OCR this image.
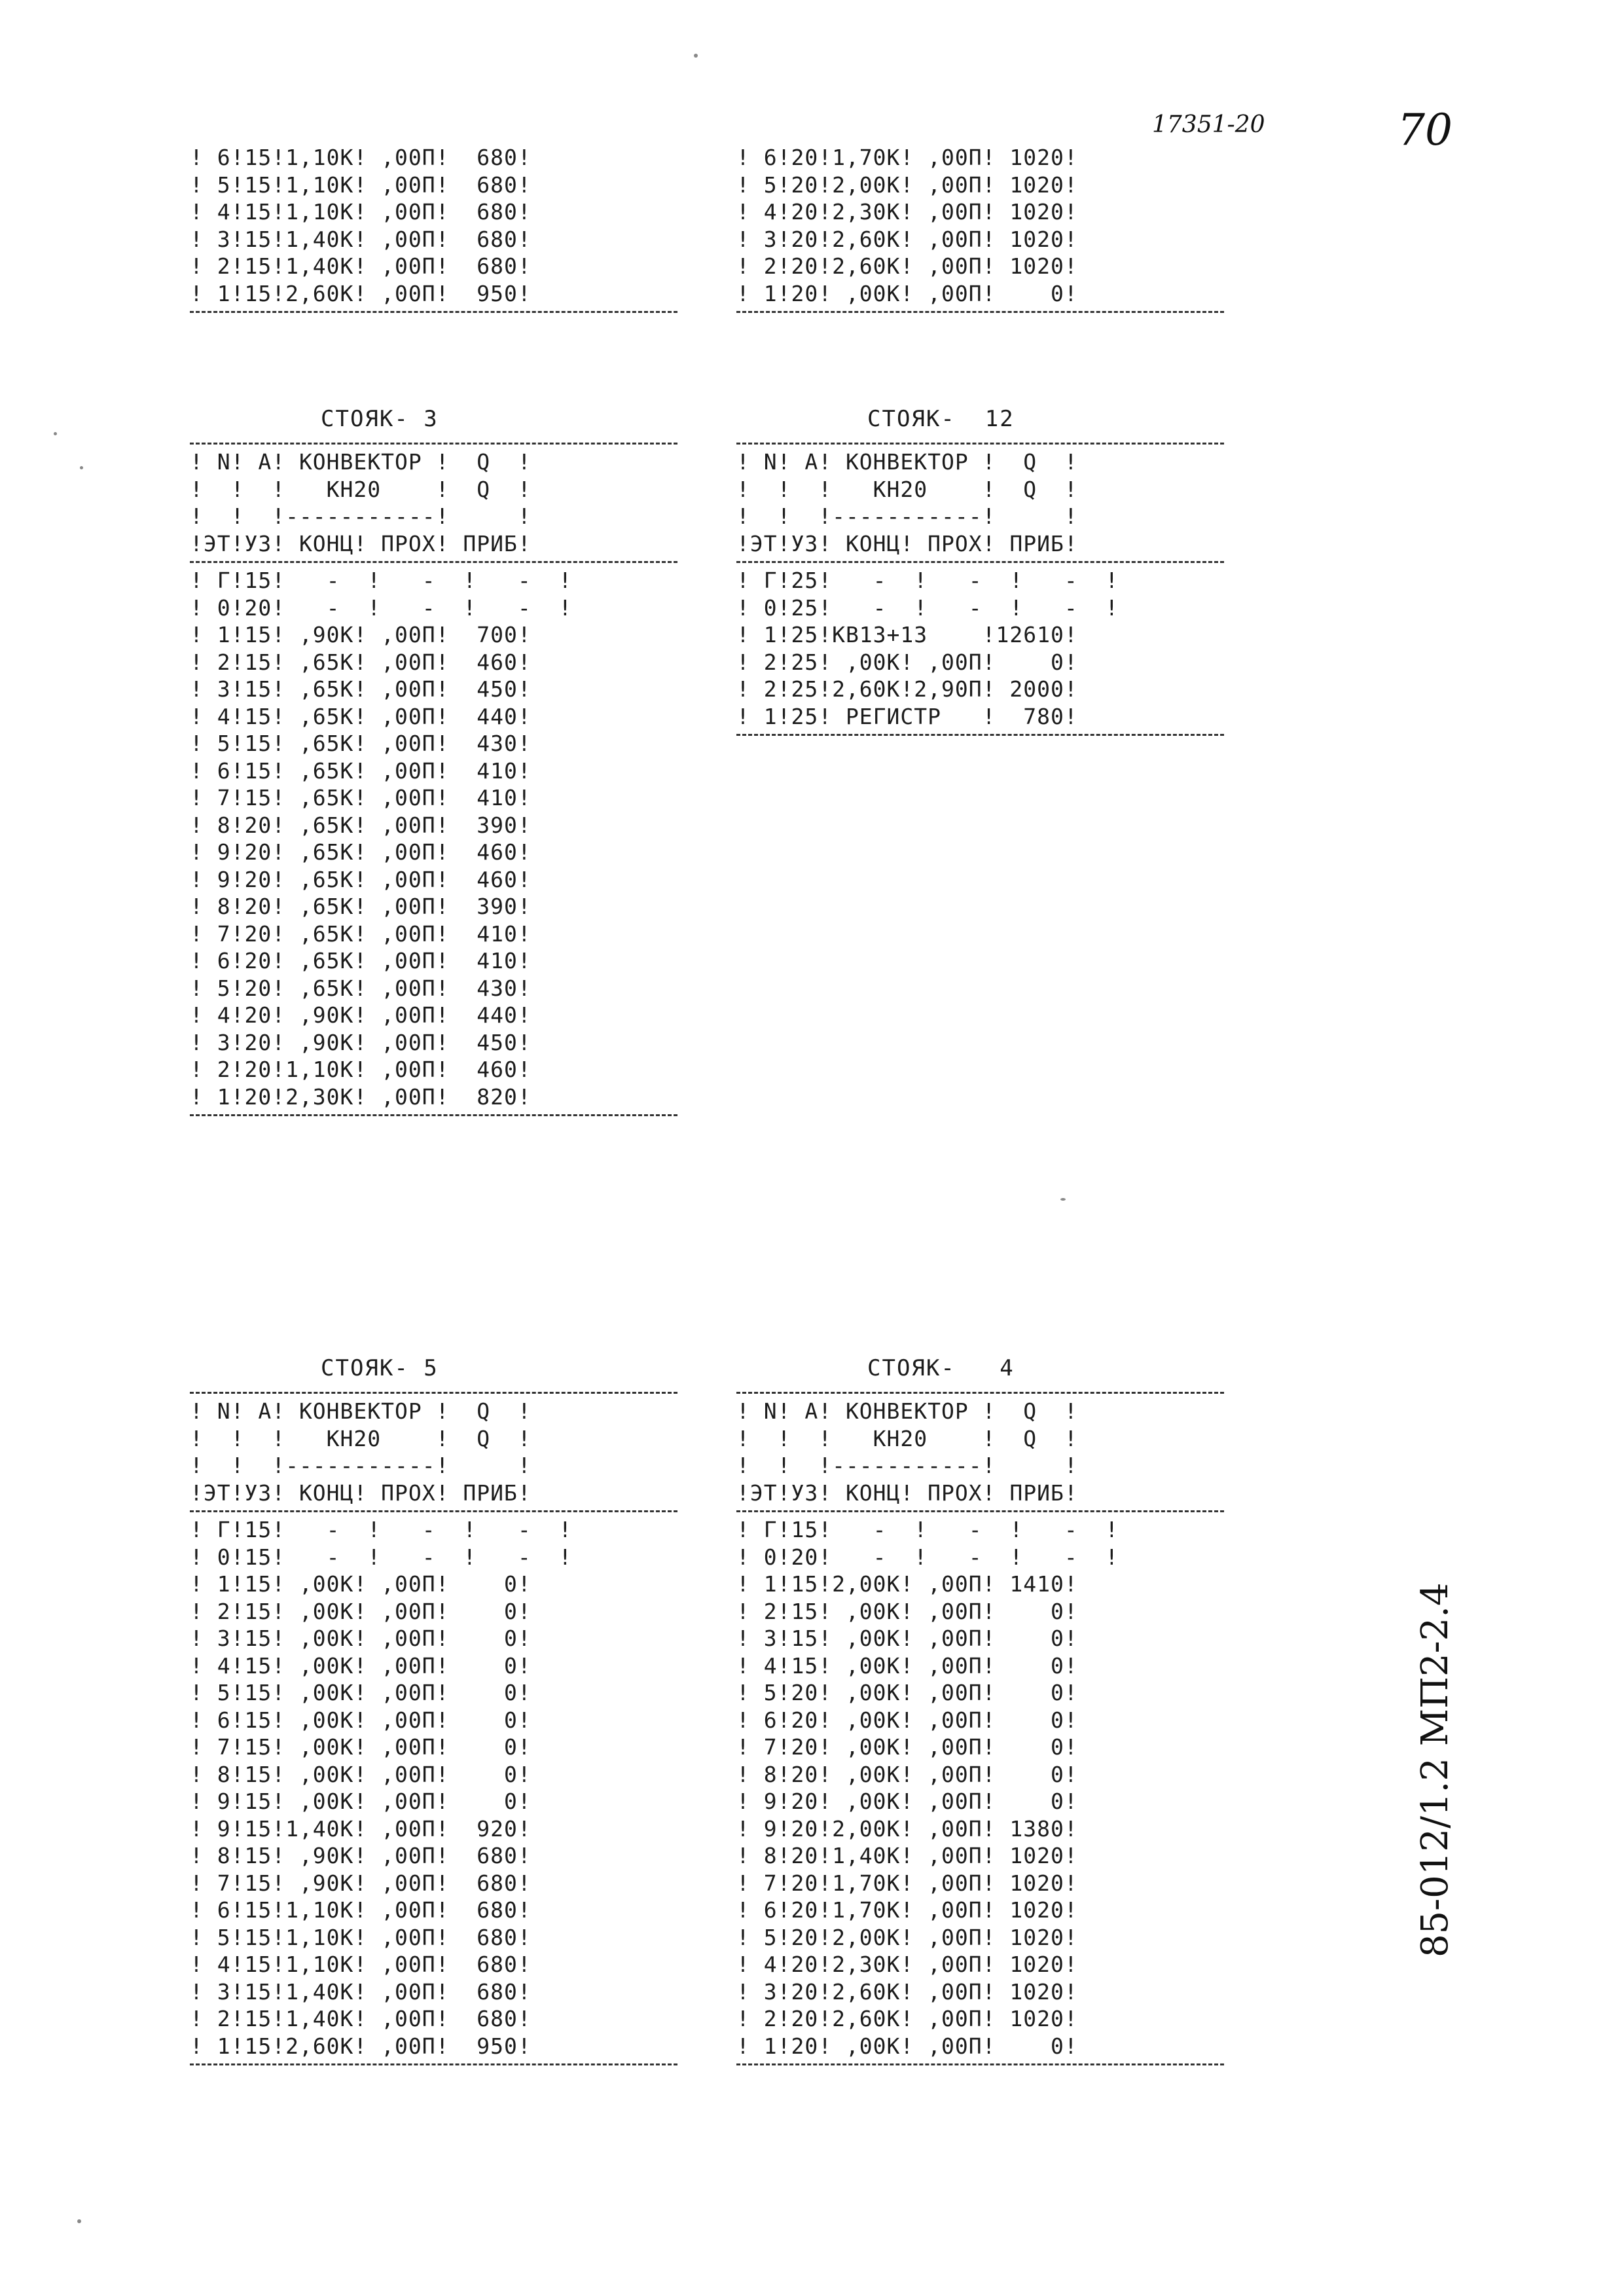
17351-20	70
85-012/1.2 МП2-2.4
! 6!15!1,10К! ,00П!  680!
! 5!15!1,10К! ,00П!  680!
! 4!15!1,10К! ,00П!  680!
! 3!15!1,40К! ,00П!  680!
! 2!15!1,40К! ,00П!  680!
! 1!15!2,60К! ,00П!  950!
! 6!20!1,70К! ,00П! 1020!
! 5!20!2,00К! ,00П! 1020!
! 4!20!2,30К! ,00П! 1020!
! 3!20!2,60К! ,00П! 1020!
! 2!20!2,60К! ,00П! 1020!
! 1!20! ,00К! ,00П!    0!
СТОЯК- 3
! N! А! КОНВЕКТОР !  Q  !
!  !  !   КН20    !  Q  !
!  !  !-----------!     !
!ЭТ!УЗ! КОНЦ! ПРОХ! ПРИБ!
! Г!15!   -  !   -  !   -  !
! 0!20!   -  !   -  !   -  !
! 1!15! ,90К! ,00П!  700!
! 2!15! ,65К! ,00П!  460!
! 3!15! ,65К! ,00П!  450!
! 4!15! ,65К! ,00П!  440!
! 5!15! ,65К! ,00П!  430!
! 6!15! ,65К! ,00П!  410!
! 7!15! ,65К! ,00П!  410!
! 8!20! ,65К! ,00П!  390!
! 9!20! ,65К! ,00П!  460!
! 9!20! ,65К! ,00П!  460!
! 8!20! ,65К! ,00П!  390!
! 7!20! ,65К! ,00П!  410!
! 6!20! ,65К! ,00П!  410!
! 5!20! ,65К! ,00П!  430!
! 4!20! ,90К! ,00П!  440!
! 3!20! ,90К! ,00П!  450!
! 2!20!1,10К! ,00П!  460!
! 1!20!2,30К! ,00П!  820!
СТОЯК-  12
! N! А! КОНВЕКТОР !  Q  !
!  !  !   КН20    !  Q  !
!  !  !-----------!     !
!ЭТ!УЗ! КОНЦ! ПРОХ! ПРИБ!
! Г!25!   -  !   -  !   -  !
! 0!25!   -  !   -  !   -  !
! 1!25!КВ13+13    !12610!
! 2!25! ,00К! ,00П!    0!
! 2!25!2,60К!2,90П! 2000!
! 1!25! РЕГИСТР   !  780!
СТОЯК- 5
! N! А! КОНВЕКТОР !  Q  !
!  !  !   КН20    !  Q  !
!  !  !-----------!     !
!ЭТ!УЗ! КОНЦ! ПРОХ! ПРИБ!
! Г!15!   -  !   -  !   -  !
! 0!15!   -  !   -  !   -  !
! 1!15! ,00К! ,00П!    0!
! 2!15! ,00К! ,00П!    0!
! 3!15! ,00К! ,00П!    0!
! 4!15! ,00К! ,00П!    0!
! 5!15! ,00К! ,00П!    0!
! 6!15! ,00К! ,00П!    0!
! 7!15! ,00К! ,00П!    0!
! 8!15! ,00К! ,00П!    0!
! 9!15! ,00К! ,00П!    0!
! 9!15!1,40К! ,00П!  920!
! 8!15! ,90К! ,00П!  680!
! 7!15! ,90К! ,00П!  680!
! 6!15!1,10К! ,00П!  680!
! 5!15!1,10К! ,00П!  680!
! 4!15!1,10К! ,00П!  680!
! 3!15!1,40К! ,00П!  680!
! 2!15!1,40К! ,00П!  680!
! 1!15!2,60К! ,00П!  950!
СТОЯК-   4
! N! А! КОНВЕКТОР !  Q  !
!  !  !   КН20    !  Q  !
!  !  !-----------!     !
!ЭТ!УЗ! КОНЦ! ПРОХ! ПРИБ!
! Г!15!   -  !   -  !   -  !
! 0!20!   -  !   -  !   -  !
! 1!15!2,00К! ,00П! 1410!
! 2!15! ,00К! ,00П!    0!
! 3!15! ,00К! ,00П!    0!
! 4!15! ,00К! ,00П!    0!
! 5!20! ,00К! ,00П!    0!
! 6!20! ,00К! ,00П!    0!
! 7!20! ,00К! ,00П!    0!
! 8!20! ,00К! ,00П!    0!
! 9!20! ,00К! ,00П!    0!
! 9!20!2,00К! ,00П! 1380!
! 8!20!1,40К! ,00П! 1020!
! 7!20!1,70К! ,00П! 1020!
! 6!20!1,70К! ,00П! 1020!
! 5!20!2,00К! ,00П! 1020!
! 4!20!2,30К! ,00П! 1020!
! 3!20!2,60К! ,00П! 1020!
! 2!20!2,60К! ,00П! 1020!
! 1!20! ,00К! ,00П!    0!
